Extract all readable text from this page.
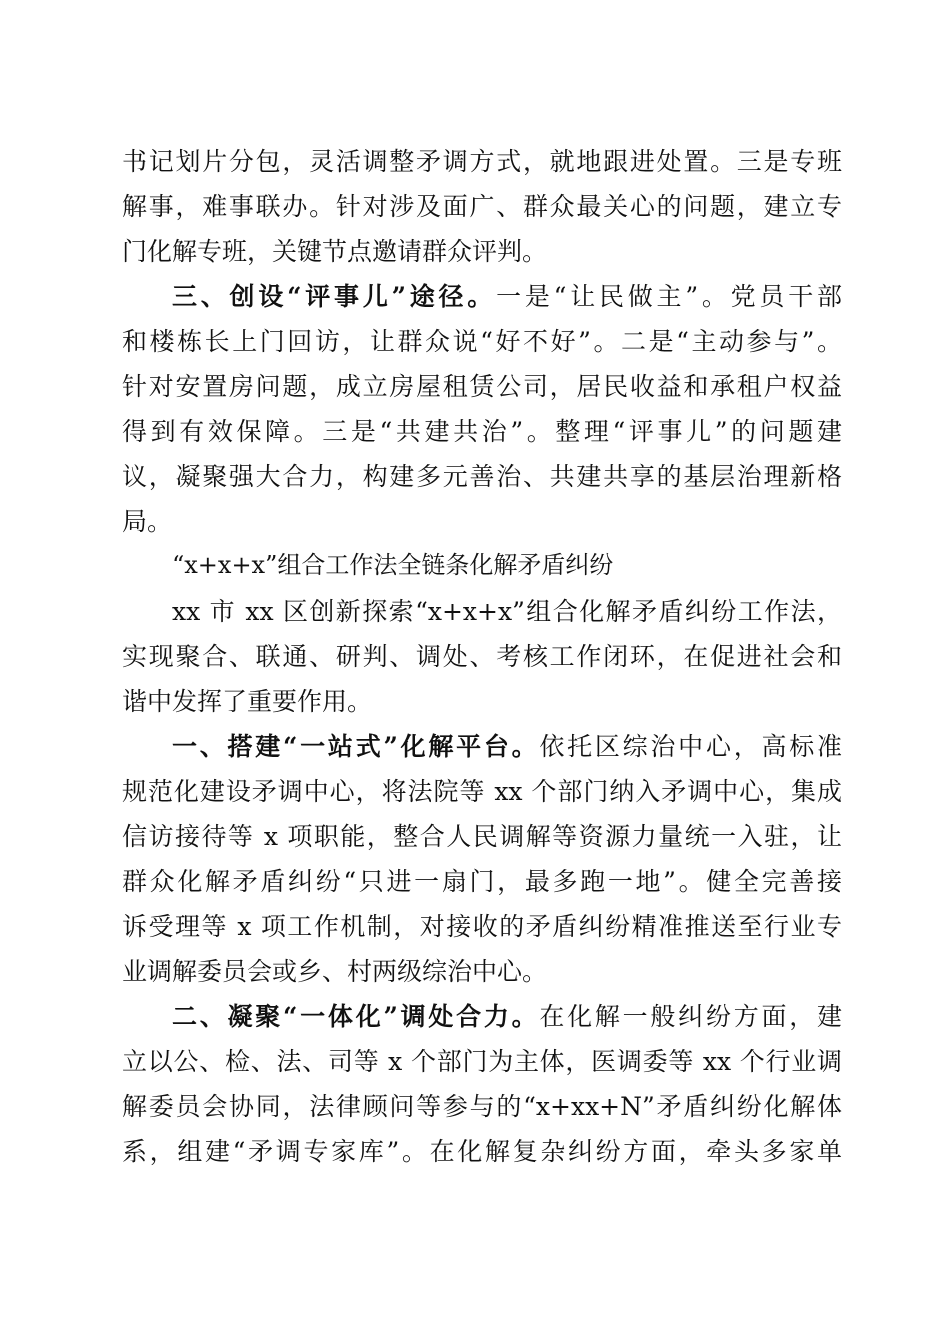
书记划片分包，灵活调整矛调方式，就地跟进处置。三是专班
解事，难事联办。针对涉及面广、群众最关心的问题，建立专
门化解专班，关键节点邀请群众评判。
三、创设“评事儿”途径。一是“让民做主”。党员干部
和楼栋长上门回访，让群众说“好不好”。二是“主动参与”。
针对安置房问题，成立房屋租赁公司，居民收益和承租户权益
得到有效保障。三是“共建共治”。整理“评事儿”的问题建
议，凝聚强大合力，构建多元善治、共建共享的基层治理新格
局。
“x+x+x”组合工作法全链条化解矛盾纠纷
xx 市 xx 区创新探索“x+x+x”组合化解矛盾纠纷工作法，
实现聚合、联通、研判、调处、考核工作闭环，在促进社会和
谐中发挥了重要作用。
一、搭建“一站式”化解平台。依托区综治中心，高标准
规范化建设矛调中心，将法院等 xx 个部门纳入矛调中心，集成
信访接待等 x 项职能，整合人民调解等资源力量统一入驻，让
群众化解矛盾纠纷“只进一扇门，最多跑一地”。健全完善接
诉受理等 x 项工作机制，对接收的矛盾纠纷精准推送至行业专
业调解委员会或乡、村两级综治中心。
二、凝聚“一体化”调处合力。在化解一般纠纷方面，建
立以公、检、法、司等 x 个部门为主体，医调委等 xx 个行业调
解委员会协同，法律顾问等参与的“x+xx+N”矛盾纠纷化解体
系，组建“矛调专家库”。在化解复杂纠纷方面，牵头多家单
